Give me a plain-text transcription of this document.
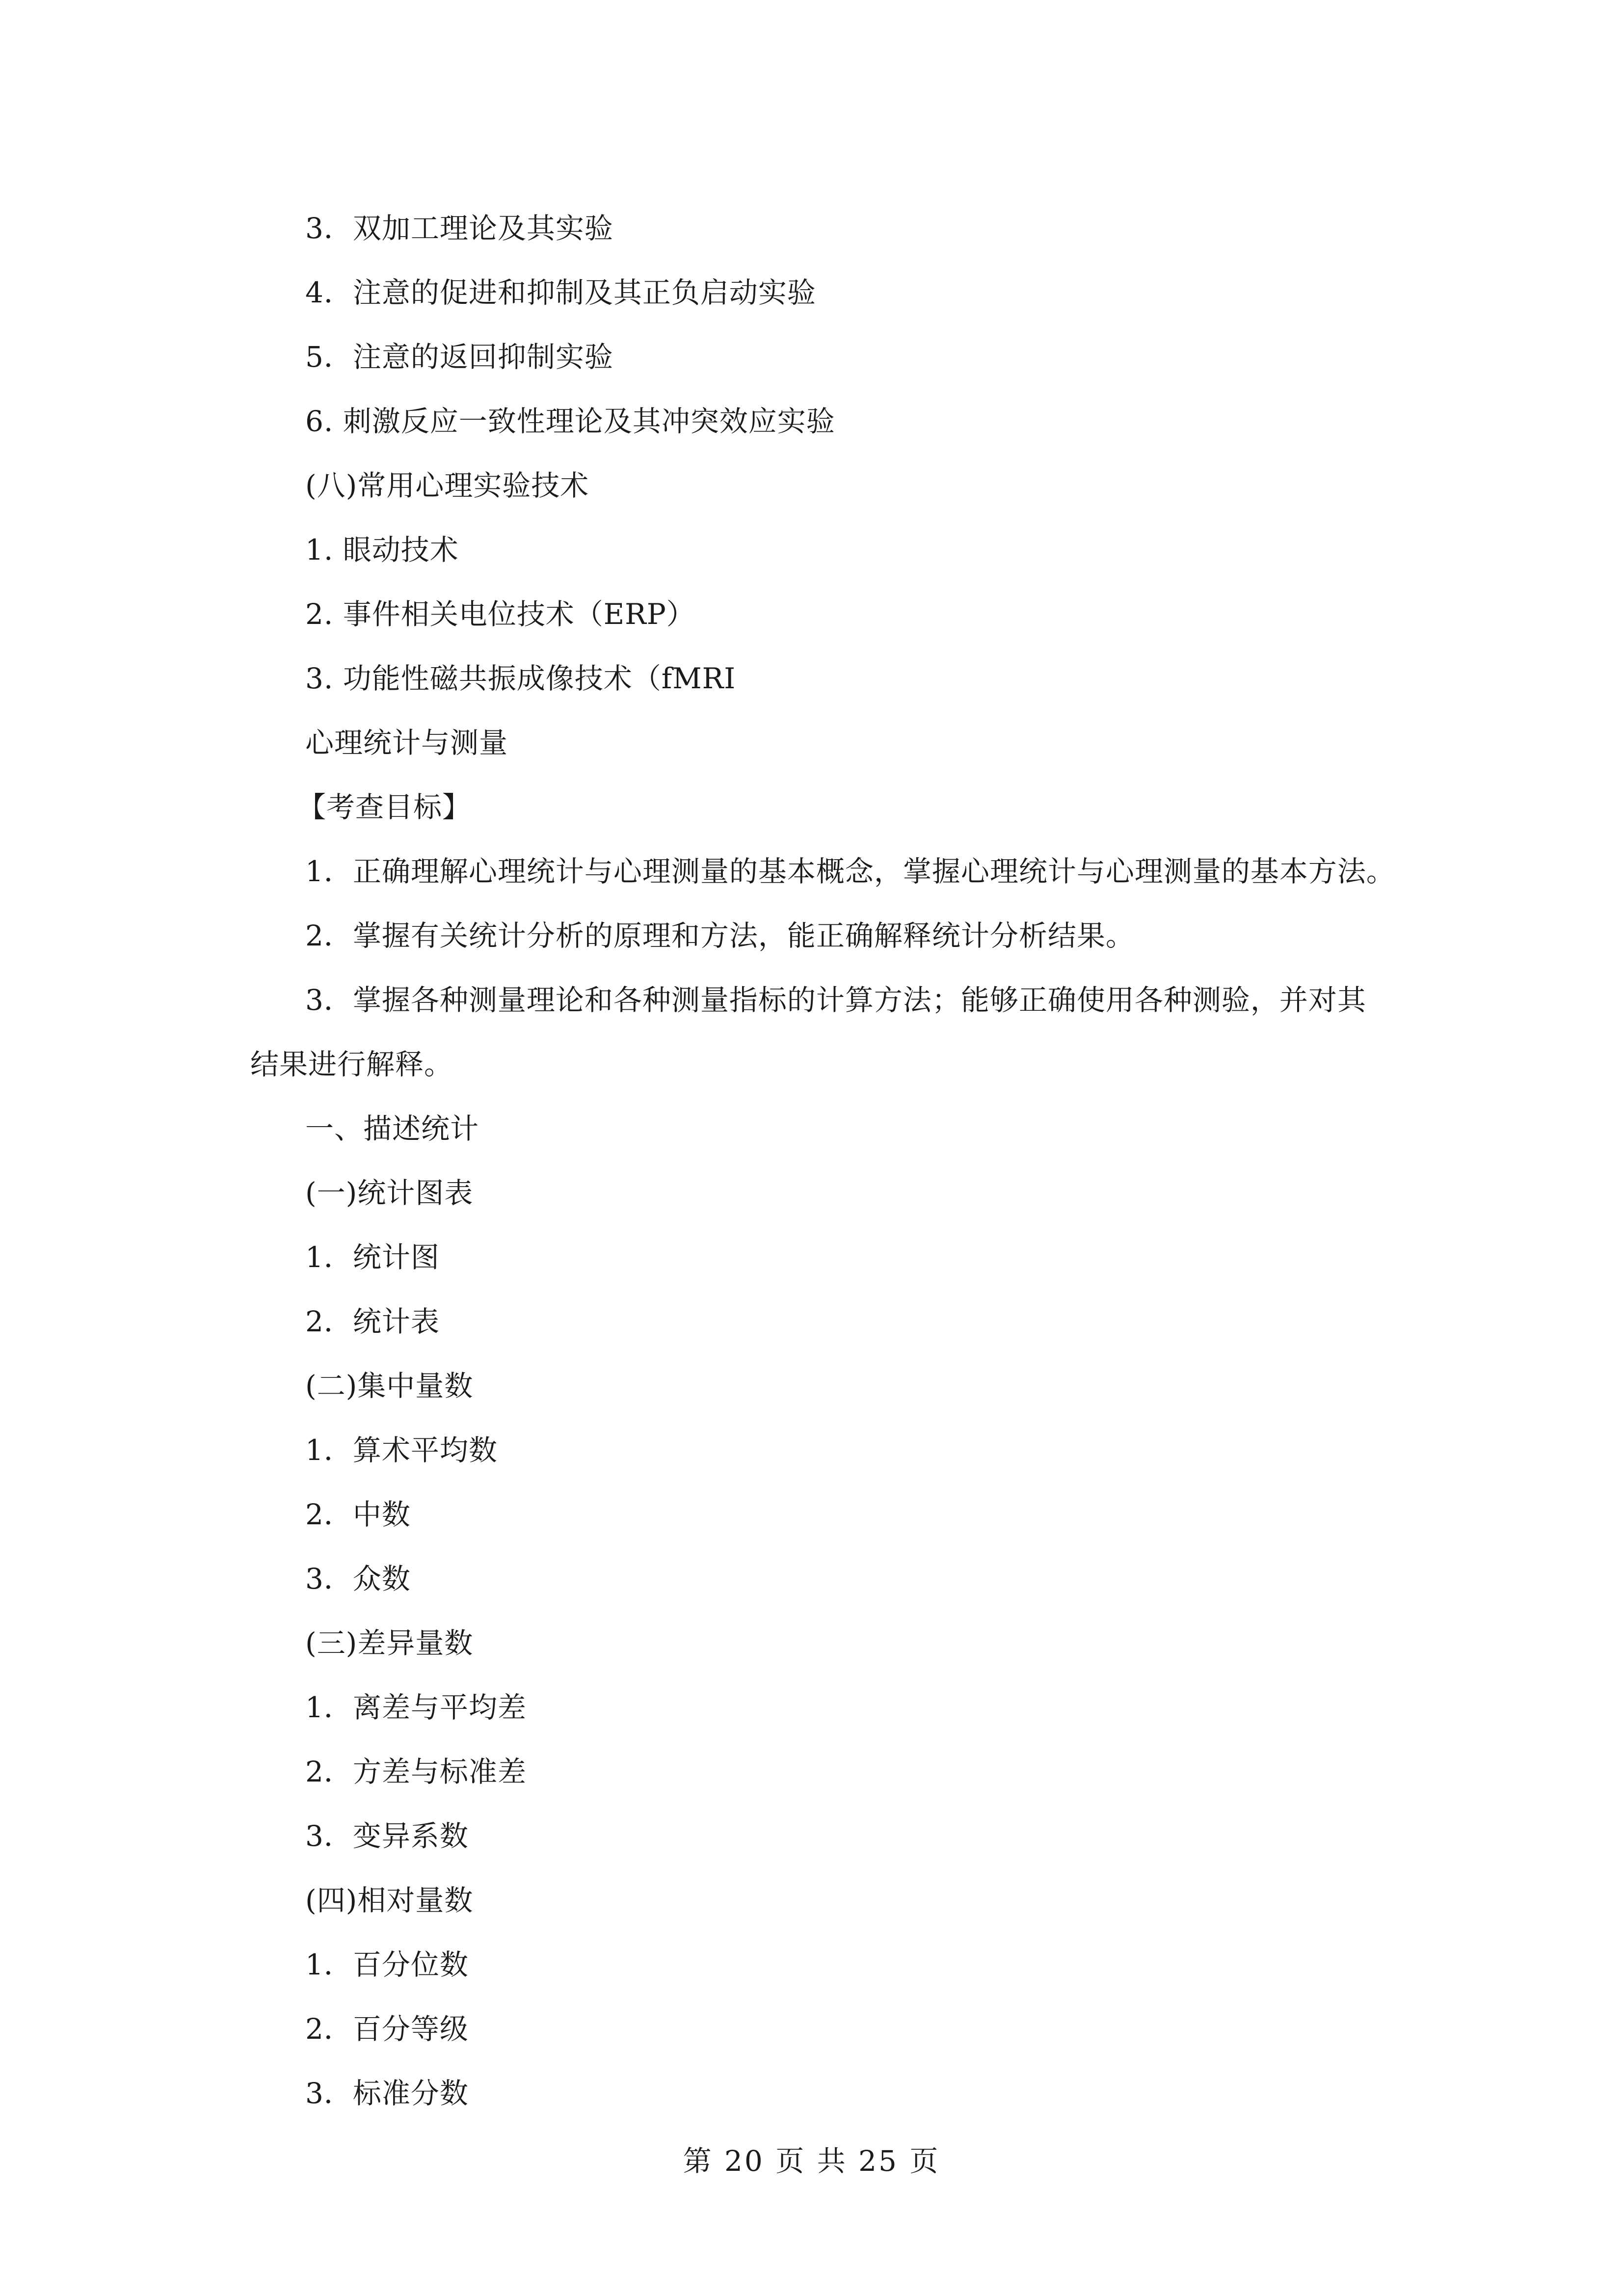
3．双加工理论及其实验
4．注意的促进和抑制及其正负启动实验
5．注意的返回抑制实验
6. 刺激反应一致性理论及其冲突效应实验
(八)常用心理实验技术
1. 眼动技术
2. 事件相关电位技术（ERP）
3. 功能性磁共振成像技术（fMRI
心理统计与测量
【考查目标】
1．正确理解心理统计与心理测量的基本概念，掌握心理统计与心理测量的基本方法。
2．掌握有关统计分析的原理和方法，能正确解释统计分析结果。
3．掌握各种测量理论和各种测量指标的计算方法；能够正确使用各种测验，并对其结果进行解释。
一、描述统计
(一)统计图表
1．统计图
2．统计表
(二)集中量数
1．算术平均数
2．中数
3．众数
(三)差异量数
1．离差与平均差
2．方差与标准差
3．变异系数
(四)相对量数
1．百分位数
2．百分等级
3．标准分数
第 20 页 共 25 页
